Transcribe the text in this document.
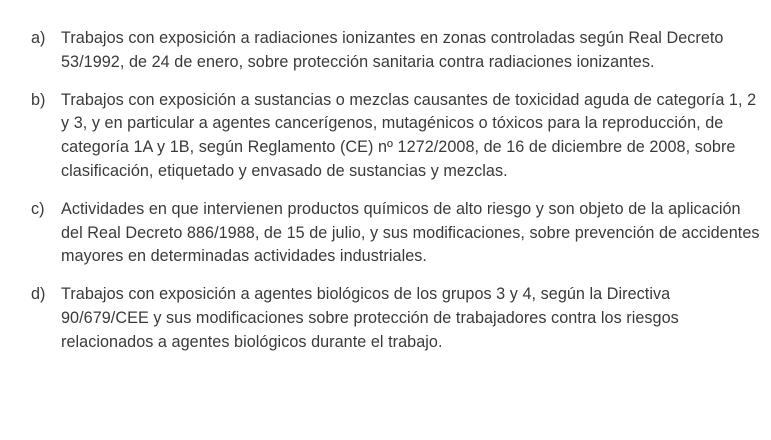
a) Trabajos con exposición a radiaciones ionizantes en zonas controladas según Real Decreto 53/1992, de 24 de enero, sobre protección sanitaria contra radiaciones ionizantes.
b) Trabajos con exposición a sustancias o mezclas causantes de toxicidad aguda de categoría 1, 2 y 3, y en particular a agentes cancerígenos, mutagénicos o tóxicos para la reproducción, de categoría 1A y 1B, según Reglamento (CE) nº 1272/2008, de 16 de diciembre de 2008, sobre clasificación, etiquetado y envasado de sustancias y mezclas.
c)	Actividades en que intervienen productos químicos de alto riesgo y son objeto de la aplicación del Real Decreto 886/1988, de 15 de julio, y sus modificaciones, sobre prevención de accidentes mayores en determinadas actividades industriales.
d) Trabajos con exposición a agentes biológicos de los grupos 3 y 4, según la Directiva 90/679/CEE y sus modificaciones sobre protección de trabajadores contra los riesgos relacionados a agentes biológicos durante el trabajo.
